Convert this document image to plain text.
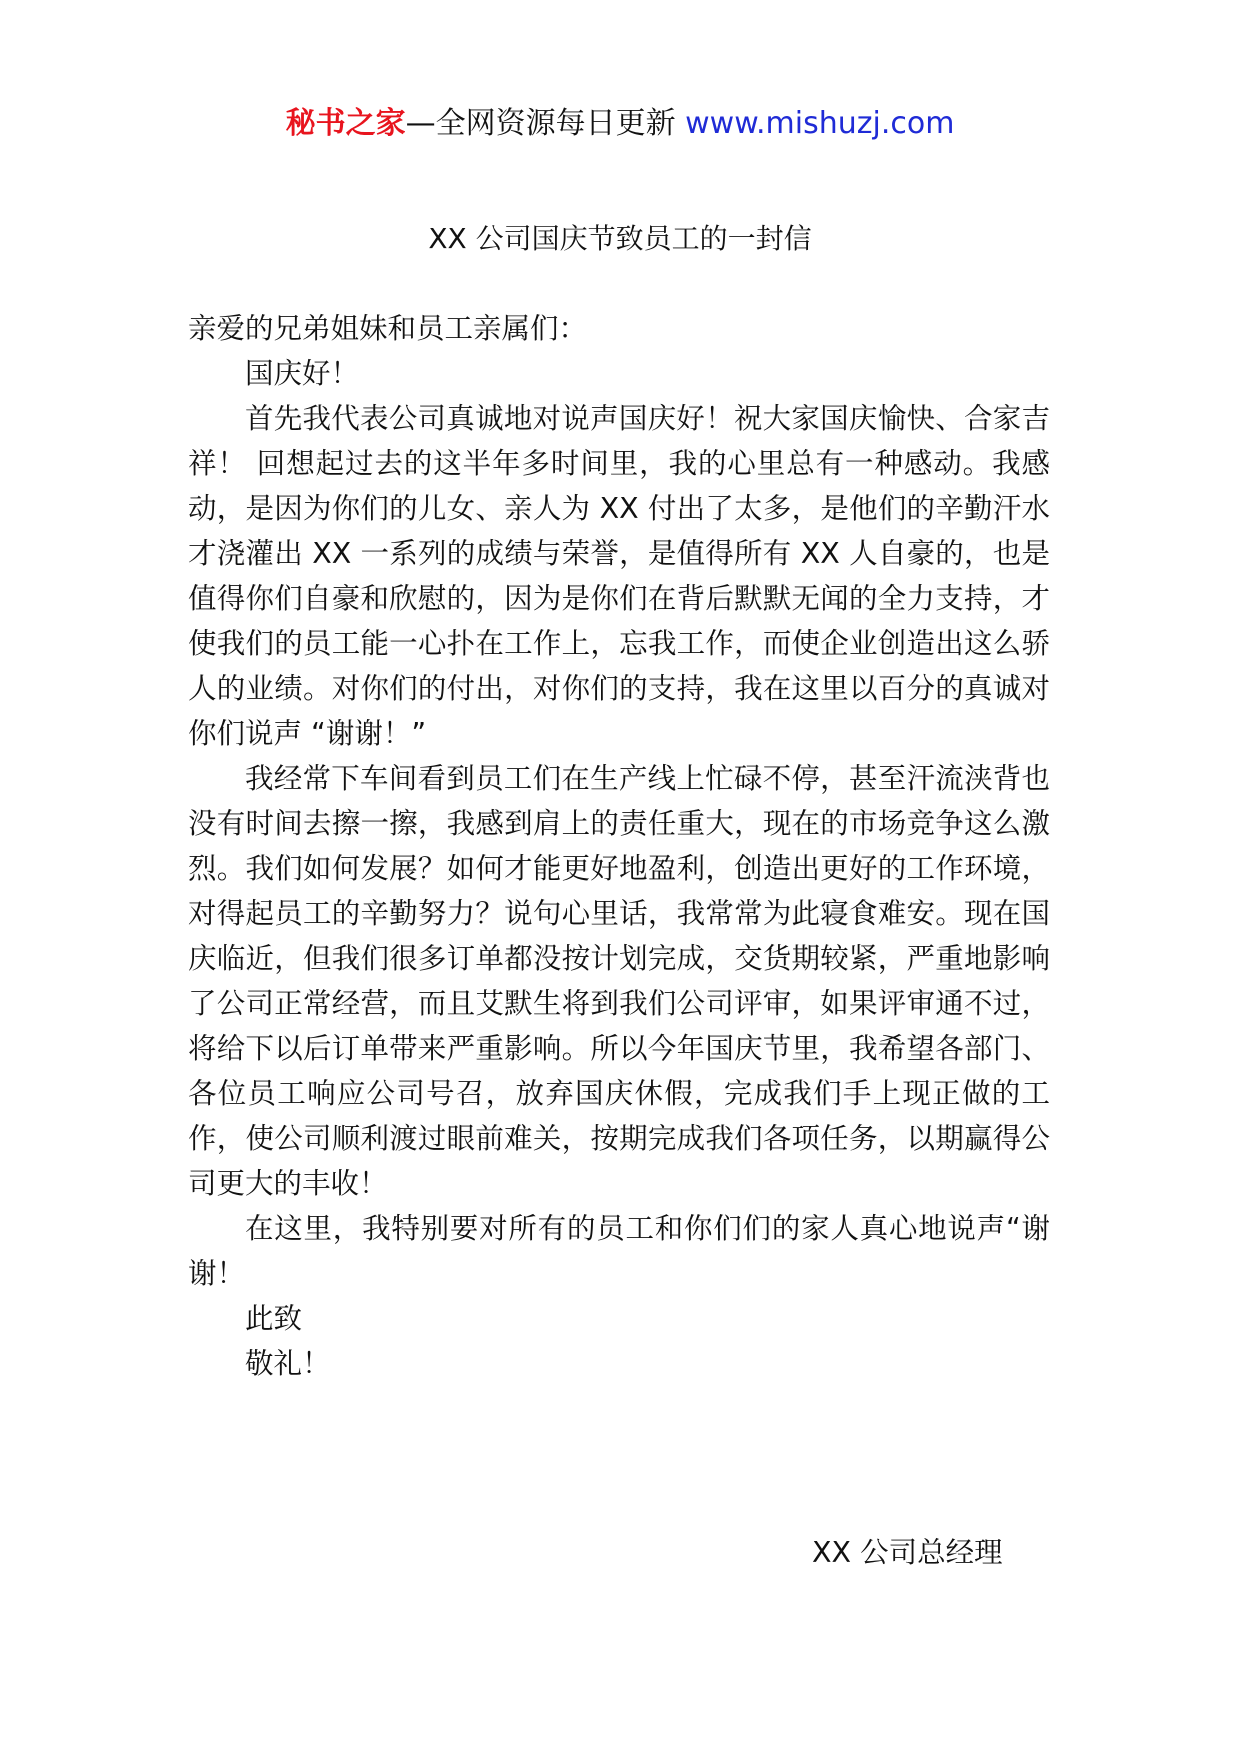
秘书之家—全网资源每日更新 www.mishuzj.com
XX 公司国庆节致员工的一封信

亲爱的兄弟姐妹和员工亲属们：

国庆好！

首先我代表公司真诚地对说声国庆好！祝大家国庆愉快、合家吉祥！ 回想起过去的这半年多时间里，我的心里总有一种感动。我感动，是因为你们的儿女、亲人为 XX 付出了太多，是他们的辛勤汗水才浇灌出 XX 一系列的成绩与荣誉，是值得所有 XX 人自豪的，也是值得你们自豪和欣慰的，因为是你们在背后默默无闻的全力支持，才使我们的员工能一心扑在工作上，忘我工作，而使企业创造出这么骄人的业绩。对你们的付出，对你们的支持，我在这里以百分的真诚对你们说声 “谢谢！”

我经常下车间看到员工们在生产线上忙碌不停，甚至汗流浃背也没有时间去擦一擦，我感到肩上的责任重大，现在的市场竞争这么激烈。我们如何发展？如何才能更好地盈利，创造出更好的工作环境，对得起员工的辛勤努力？说句心里话，我常常为此寝食难安。现在国庆临近，但我们很多订单都没按计划完成，交货期较紧，严重地影响了公司正常经营，而且艾默生将到我们公司评审，如果评审通不过，将给下以后订单带来严重影响。所以今年国庆节里，我希望各部门、各位员工响应公司号召，放弃国庆休假，完成我们手上现正做的工作，使公司顺利渡过眼前难关，按期完成我们各项任务，以期赢得公司更大的丰收！

在这里，我特别要对所有的员工和你们们的家人真心地说声“谢谢！

此致

敬礼！

XX 公司总经理
